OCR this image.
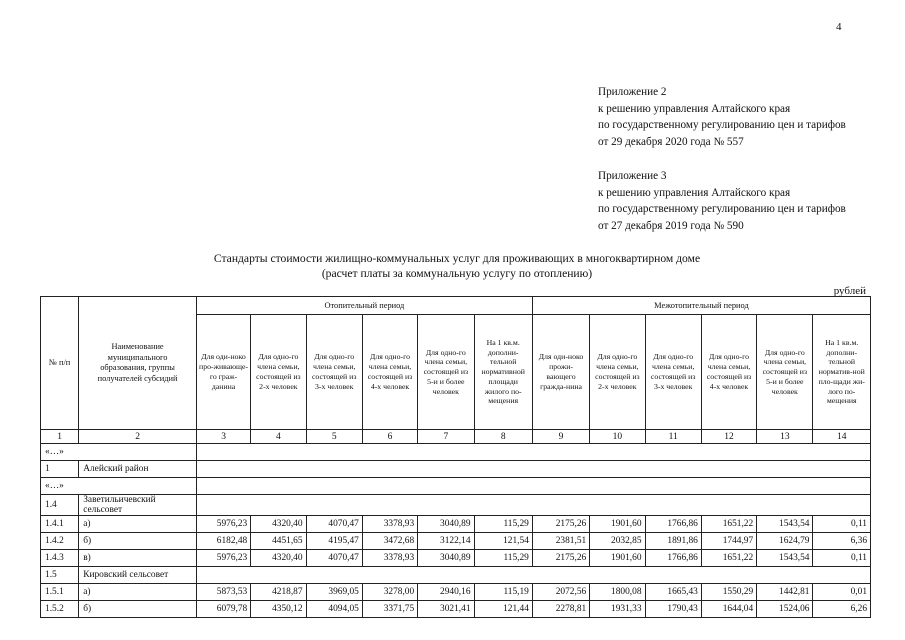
4
Приложение 2
к решению управления Алтайского края
по государственному регулированию цен и тарифов
от 29 декабря 2020 года № 557
Приложение 3
к решению управления Алтайского края
по государственному регулированию цен и тарифов
от 27 декабря 2019 года № 590
Стандарты стоимости жилищно-коммунальных услуг для проживающих в многоквартирном доме
(расчет платы за коммунальную услугу по отоплению)
рублей
№ п/п	Наименование муниципального образования, группы получателей субсидий	Отопительный период						Межотопительный период					
		Для оди-ноко про-живающе-го граж-данина	Для одно-го члена семьи, состоящей из 2-х человек	Для одно-го члена семьи, состоящей из 3-х человек	Для одно-го члена семьи, состоящей из 4-х человек	Для одно-го члена семьи, состоящей из 5-и и более человек	На 1 кв.м. дополни-тельной нормативной площади жилого по-мещения	Для оди-ноко прожи-вающего гражда-нина	Для одно-го члена семьи, состоящей из 2-х человек	Для одно-го члена семьи, состоящей из 3-х человек	Для одно-го члена семьи, состоящей из 4-х человек	Для одно-го члена семьи, состоящей из 5-и и более человек	На 1 кв.м. дополни-тельной норматив-ной пло-щади жи-лого по-мещения
1	2	3	4	5	6	7	8	9	10	11	12	13	14
«…»													
1	Алейский район												
«…»													
1.4	Заветильичевский сельсовет												
1.4.1	а)	5976,23	4320,40	4070,47	3378,93	3040,89	115,29	2175,26	1901,60	1766,86	1651,22	1543,54	0,11
1.4.2	б)	6182,48	4451,65	4195,47	3472,68	3122,14	121,54	2381,51	2032,85	1891,86	1744,97	1624,79	6,36
1.4.3	в)	5976,23	4320,40	4070,47	3378,93	3040,89	115,29	2175,26	1901,60	1766,86	1651,22	1543,54	0,11
1.5	Кировский сельсовет												
1.5.1	а)	5873,53	4218,87	3969,05	3278,00	2940,16	115,19	2072,56	1800,08	1665,43	1550,29	1442,81	0,01
1.5.2	б)	6079,78	4350,12	4094,05	3371,75	3021,41	121,44	2278,81	1931,33	1790,43	1644,04	1524,06	6,26
